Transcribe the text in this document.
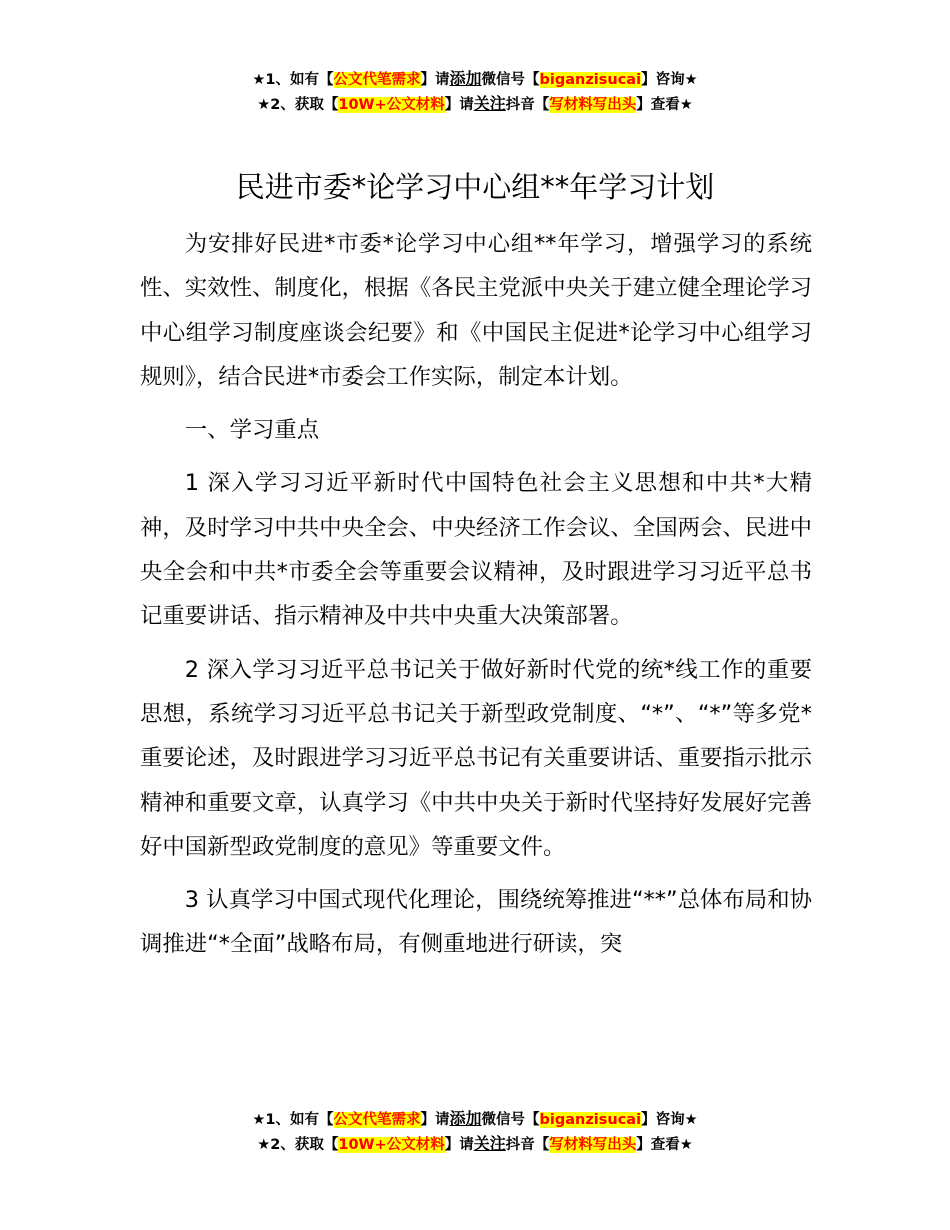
★1、如有【公文代笔需求】请添加微信号【biganzisucai】咨询★
★2、获取【10W+公文材料】请关注抖音【写材料写出头】查看★
民进市委*论学习中心组**年学习计划

为安排好民进*市委*论学习中心组**年学习，增强学习的系统性、实效性、制度化，根据《各民主党派中央关于建立健全理论学习中心组学习制度座谈会纪要》和《中国民主促进*论学习中心组学习规则》，结合民进*市委会工作实际，制定本计划。

一、学习重点

1 深入学习习近平新时代中国特色社会主义思想和中共*大精神，及时学习中共中央全会、中央经济工作会议、全国两会、民进中央全会和中共*市委全会等重要会议精神，及时跟进学习习近平总书记重要讲话、指示精神及中共中央重大决策部署。

2 深入学习习近平总书记关于做好新时代党的统*线工作的重要思想，系统学习习近平总书记关于新型政党制度、“*”、“*”等多党*重要论述，及时跟进学习习近平总书记有关重要讲话、重要指示批示精神和重要文章，认真学习《中共中央关于新时代坚持好发展好完善好中国新型政党制度的意见》等重要文件。

3 认真学习中国式现代化理论，围绕统筹推进“**”总体布局和协调推进“*全面”战略布局，有侧重地进行研读，突

★1、如有【公文代笔需求】请添加微信号【biganzisucai】咨询★
★2、获取【10W+公文材料】请关注抖音【写材料写出头】查看★
